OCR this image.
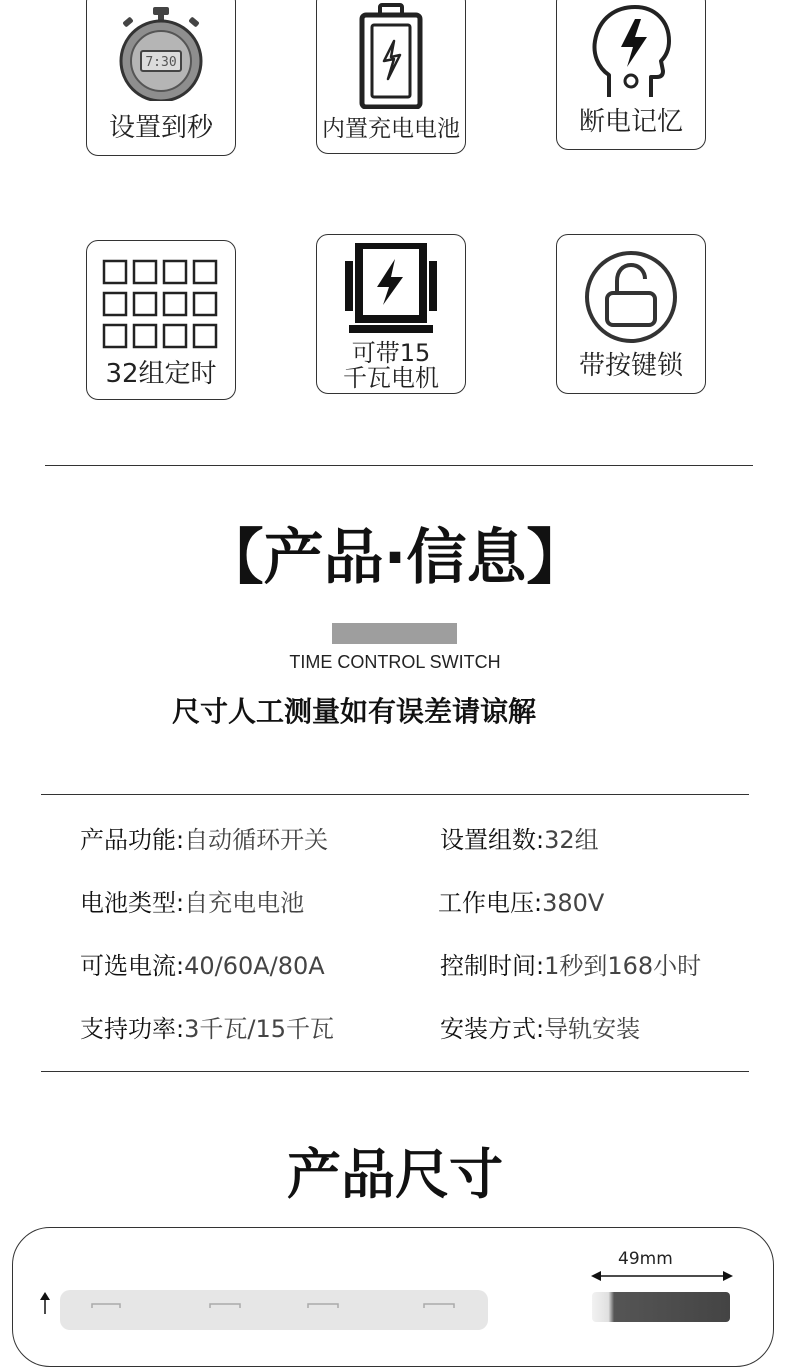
7:30
设置到秒	内置充电电池	断电记忆
32组定时
可带15
千瓦电机	带按键锁
【产品·信息】
TIME CONTROL SWITCH
尺寸人工测量如有误差请谅解
产品功能:自动循环开关	设置组数:32组
电池类型:自充电电池	工作电压:380V
可选电流:40/60A/80A	控制时间:1秒到168小时
支持功率:3千瓦/15千瓦	安装方式:导轨安装
产品尺寸
49mm
